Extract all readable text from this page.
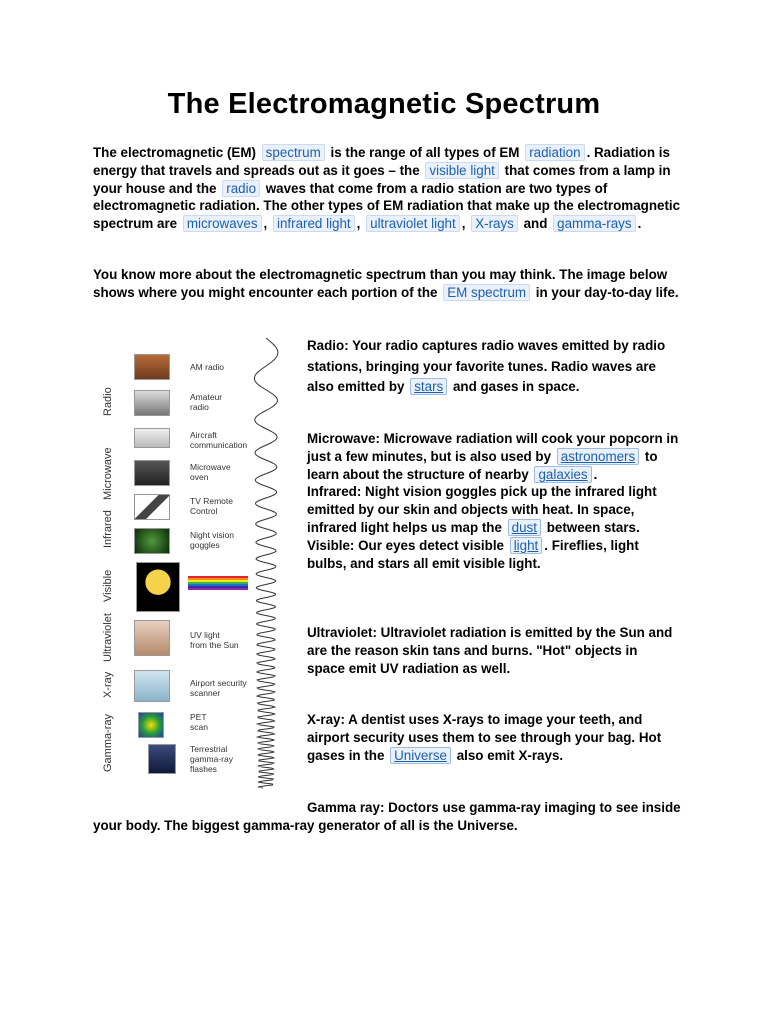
The Electromagnetic Spectrum
The electromagnetic (EM) spectrum is the range of all types of EM radiation . Radiation is energy that travels and spreads out as it goes – the visible light that comes from a lamp in your house and the radio waves that come from a radio station are two types of electromagnetic radiation. The other types of EM radiation that make up the electromagnetic spectrum are microwaves , infrared light , ultraviolet light , X-rays and gamma-rays .
You know more about the electromagnetic spectrum than you may think. The image below shows where you might encounter each portion of the EM spectrum in your day-to-day life.
Radio
Microwave
Infrared
Visible
Ultraviolet
X-ray
Gamma-ray
AM radio
Amateur
radio
Aircraft
communication
Microwave
oven
TV Remote
Control
Night vision
goggles
UV light
from the Sun
Airport security
scanner
PET
scan
Terrestrial
gamma-ray
flashes
Radio: Your radio captures radio waves emitted by radio stations, bringing your favorite tunes. Radio waves are also emitted by stars and gases in space.
Microwave: Microwave radiation will cook your popcorn in just a few minutes, but is also used by astronomers to learn about the structure of nearby galaxies .
Infrared: Night vision goggles pick up the infrared light emitted by our skin and objects with heat. In space, infrared light helps us map the dust between stars.
Visible: Our eyes detect visible light . Fireflies, light bulbs, and stars all emit visible light.
Ultraviolet: Ultraviolet radiation is emitted by the Sun and are the reason skin tans and burns. "Hot" objects in space emit UV radiation as well.
X-ray: A dentist uses X-rays to image your teeth, and airport security uses them to see through your bag. Hot gases in the Universe also emit X-rays.
Gamma ray: Doctors use gamma-ray imaging to see inside your body. The biggest gamma-ray generator of all is the Universe.
